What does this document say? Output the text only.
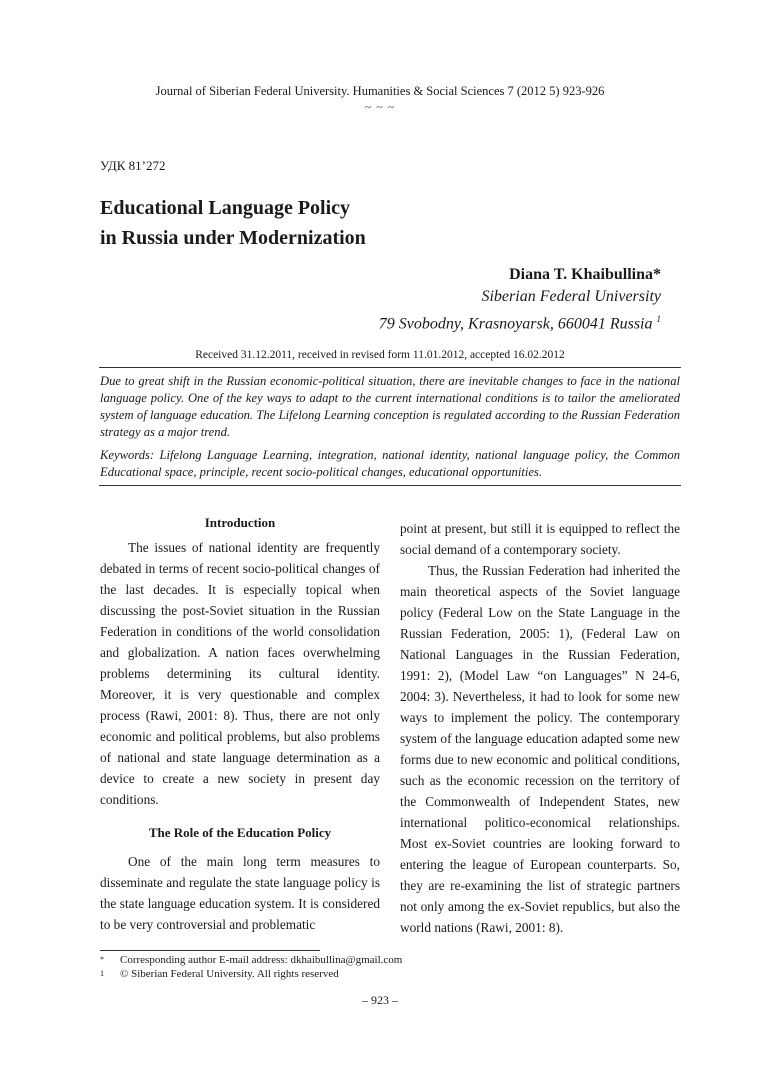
Journal of Siberian Federal University. Humanities & Social Sciences 7 (2012 5) 923-926
~ ~ ~
УДК 81’272
Educational Language Policy
in Russia under Modernization
Diana T. Khaibullina*
Siberian Federal University
79 Svobodny, Krasnoyarsk, 660041 Russia $^1$
Received 31.12.2011, received in revised form 11.01.2012, accepted 16.02.2012
Due to great shift in the Russian economic-political situation, there are inevitable changes to face in the national language policy. One of the key ways to adapt to the current international conditions is to tailor the ameliorated system of language education. The Lifelong Learning conception is regulated according to the Russian Federation strategy as a major trend.
Keywords: Lifelong Language Learning, integration, national identity, national language policy, the Common Educational space, principle, recent socio-political changes, educational opportunities.

Introduction

The issues of national identity are frequently debated in terms of recent socio-political changes of the last decades. It is especially topical when discussing the post-Soviet situation in the Russian Federation in conditions of the world consolidation and globalization. A nation faces overwhelming problems determining its cultural identity. Moreover, it is very questionable and complex process (Rawi, 2001: 8). Thus, there are not only economic and political problems, but also problems of national and state language determination as a device to create a new society in present day conditions.

The Role of the Education Policy

One of the main long term measures to disseminate and regulate the state language policy is the state language education system. It is considered to be very controversial and problematic

point at present, but still it is equipped to reflect the social demand of a contemporary society.

Thus, the Russian Federation had inherited the main theoretical aspects of the Soviet language policy (Federal Low on the State Language in the Russian Federation, 2005: 1), (Federal Law on National Languages in the Russian Federation, 1991: 2), (Model Law “on Languages” N 24-6, 2004: 3). Nevertheless, it had to look for some new ways to implement the policy. The contemporary system of the language education adapted some new forms due to new economic and political conditions, such as the economic recession on the territory of the Commonwealth of Independent States, new international politico-economical relationships. Most ex-Soviet countries are looking forward to entering the league of European counterparts. So, they are re-examining the list of strategic partners not only among the ex-Soviet republics, but also the world nations (Rawi, 2001: 8).

* Corresponding author E-mail address: dkhaibullina@gmail.com
1 © Siberian Federal University. All rights reserved
– 923 –
